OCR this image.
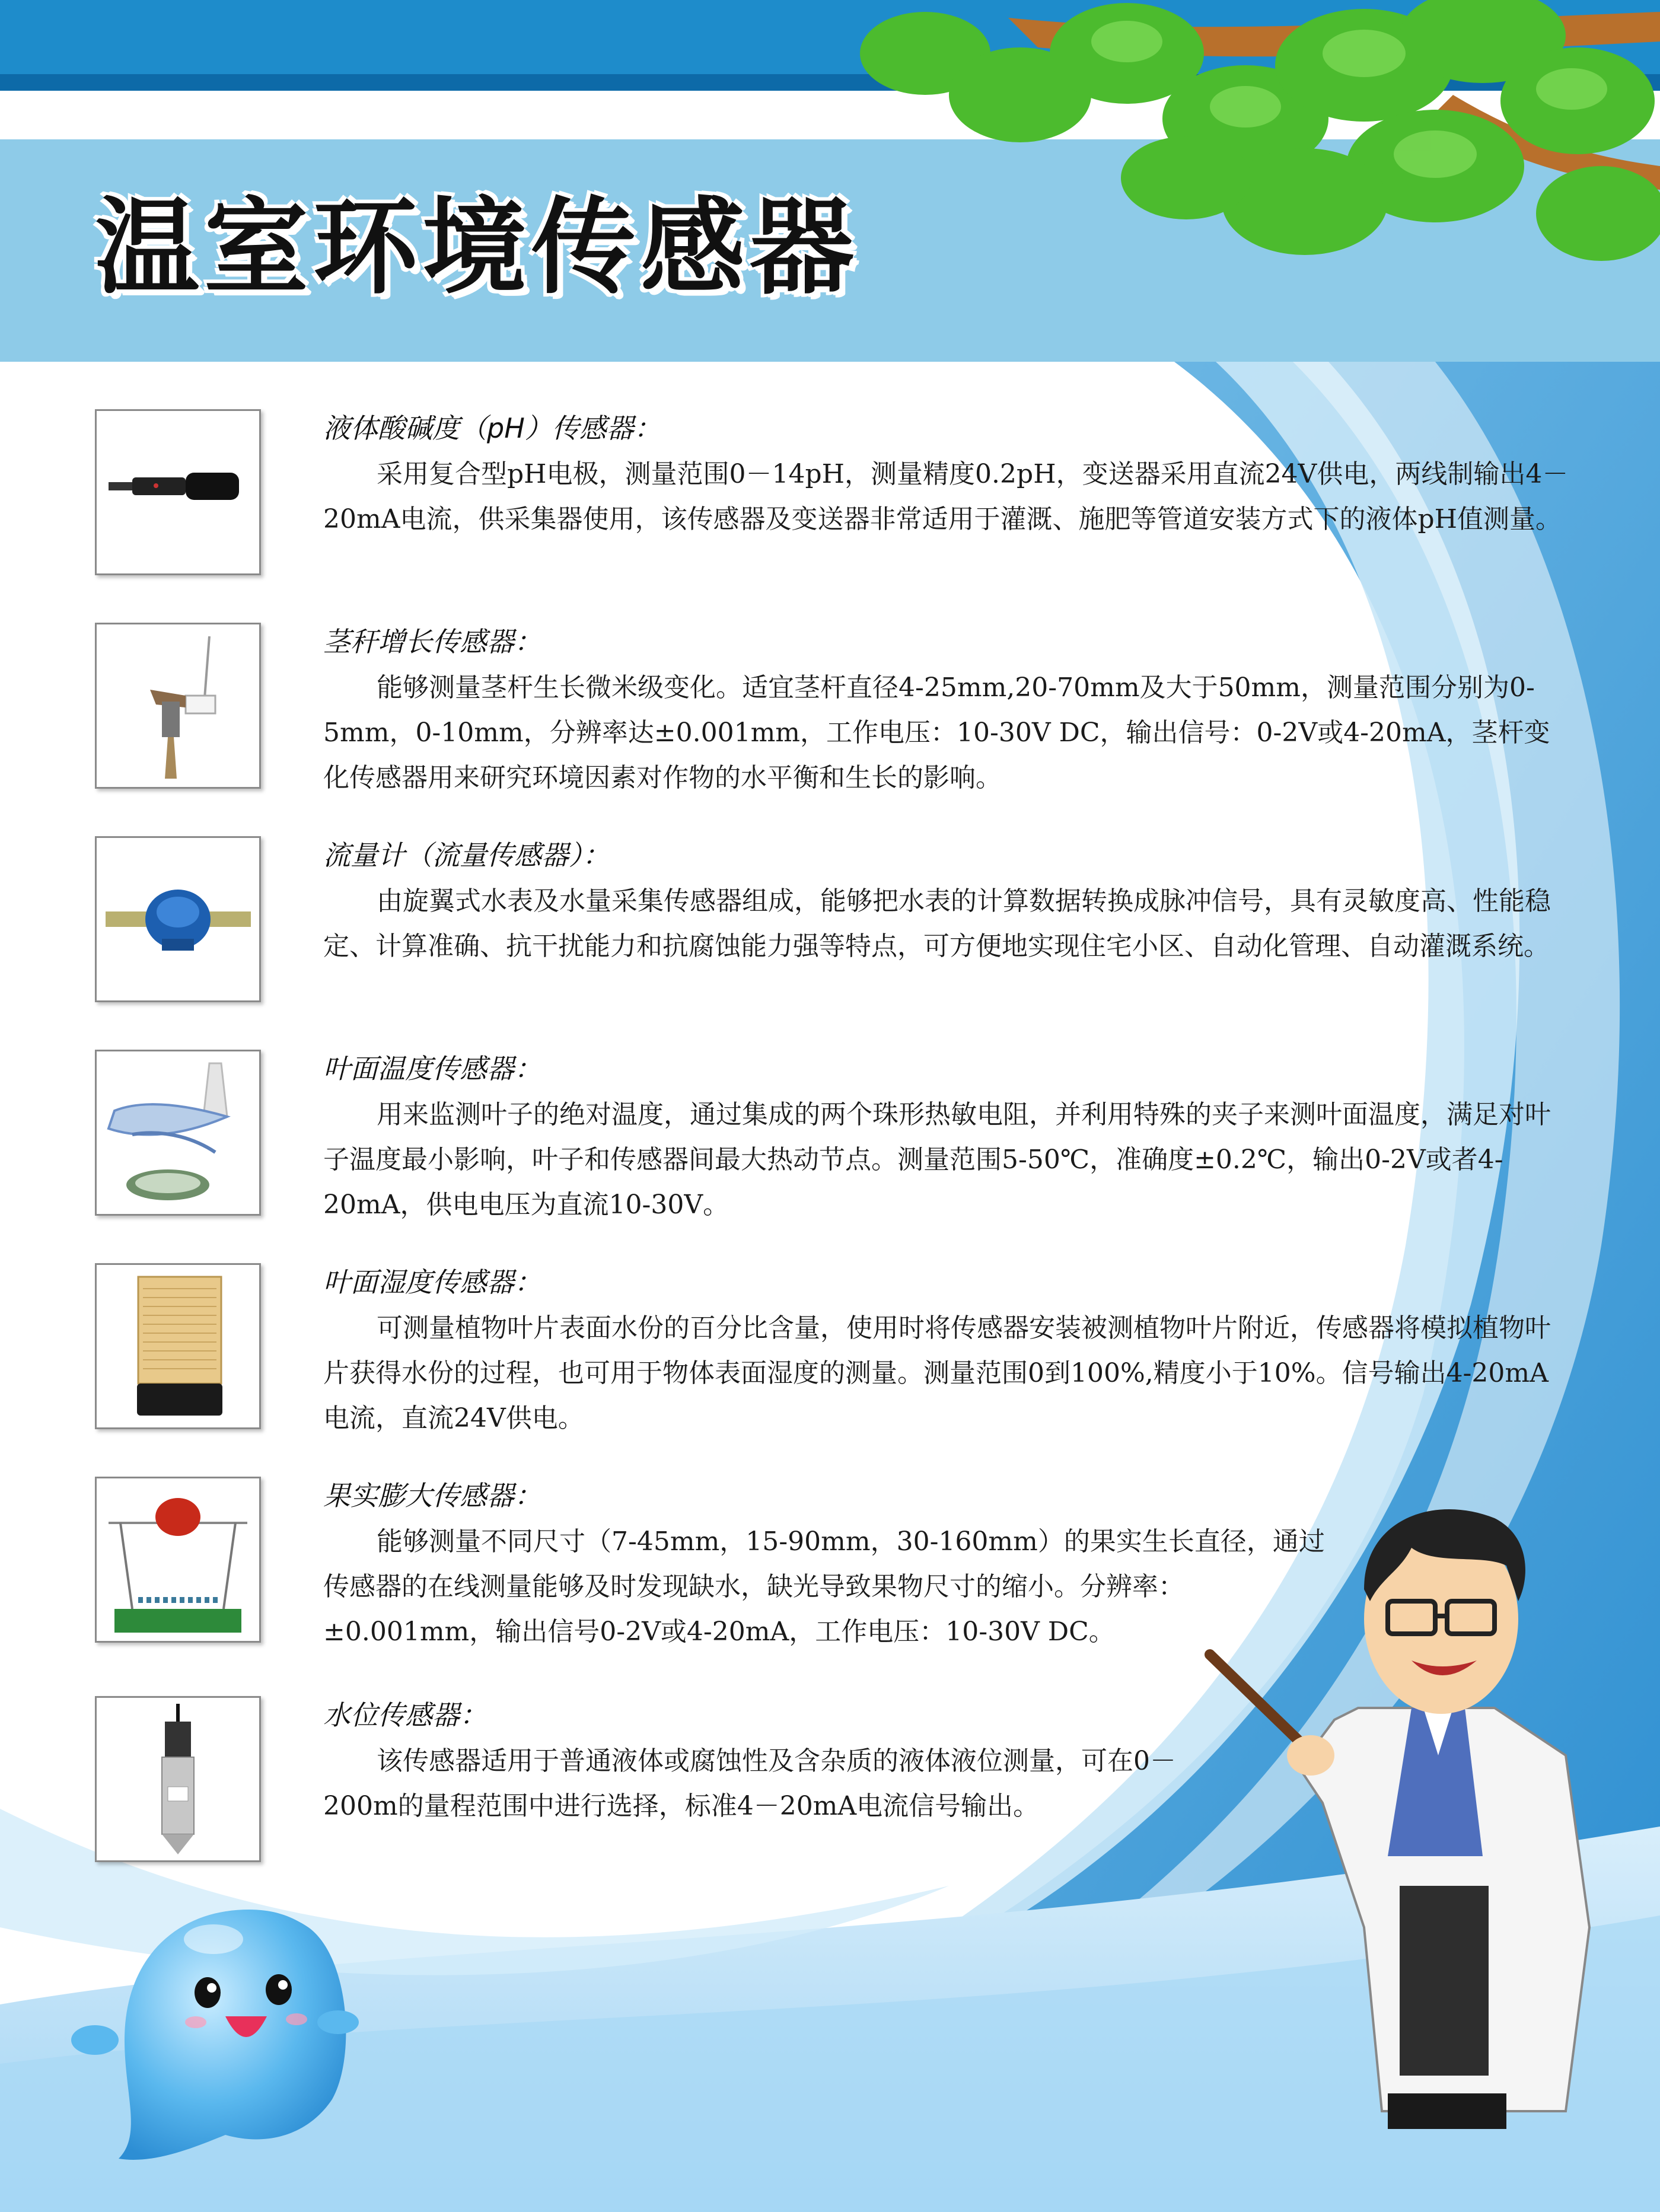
温室环境传感器
液体酸碱度（pH）传感器：
采用复合型pH电极，测量范围0－14pH，测量精度0.2pH，变送器采用直流24V供电，两线制输出4－20mA电流，供采集器使用，该传感器及变送器非常适用于灌溉、施肥等管道安装方式下的液体pH值测量。
茎秆增长传感器：
能够测量茎杆生长微米级变化。适宜茎杆直径4-25mm,20-70mm及大于50mm，测量范围分别为0-5mm，0-10mm，分辨率达±0.001mm，工作电压：10-30V DC，输出信号：0-2V或4-20mA，茎杆变化传感器用来研究环境因素对作物的水平衡和生长的影响。
流量计（流量传感器）：
由旋翼式水表及水量采集传感器组成，能够把水表的计算数据转换成脉冲信号，具有灵敏度高、性能稳定、计算准确、抗干扰能力和抗腐蚀能力强等特点，可方便地实现住宅小区、自动化管理、自动灌溉系统。
叶面温度传感器：
用来监测叶子的绝对温度，通过集成的两个珠形热敏电阻，并利用特殊的夹子来测叶面温度，满足对叶子温度最小影响，叶子和传感器间最大热动节点。测量范围5-50℃，准确度±0.2℃，输出0-2V或者4-20mA，供电电压为直流10-30V。
叶面湿度传感器：
可测量植物叶片表面水份的百分比含量，使用时将传感器安装被测植物叶片附近，传感器将模拟植物叶片获得水份的过程，也可用于物体表面湿度的测量。测量范围0到100%,精度小于10%。信号输出4-20mA电流，直流24V供电。
果实膨大传感器：
能够测量不同尺寸（7-45mm，15-90mm，30-160mm）的果实生长直径，通过传感器的在线测量能够及时发现缺水，缺光导致果物尺寸的缩小。分辨率：±0.001mm，输出信号0-2V或4-20mA，工作电压：10-30V DC。
水位传感器：
该传感器适用于普通液体或腐蚀性及含杂质的液体液位测量，可在0－200m的量程范围中进行选择，标准4－20mA电流信号输出。
